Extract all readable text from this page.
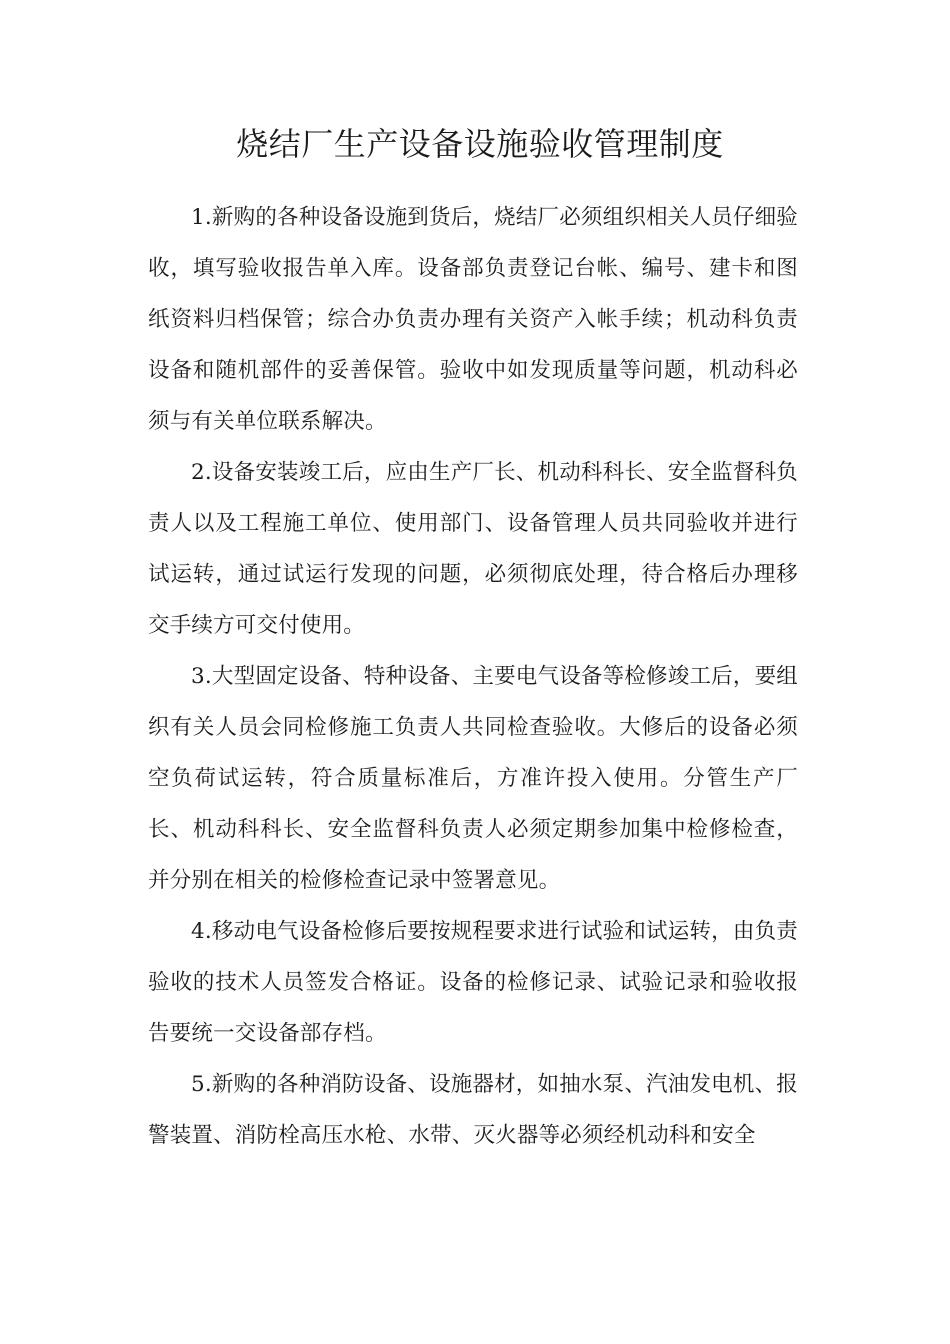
烧结厂生产设备设施验收管理制度

1.新购的各种设备设施到货后，烧结厂必须组织相关人员仔细验收，填写验收报告单入库。设备部负责登记台帐、编号、建卡和图纸资料归档保管；综合办负责办理有关资产入帐手续；机动科负责设备和随机部件的妥善保管。验收中如发现质量等问题，机动科必须与有关单位联系解决。

2.设备安装竣工后，应由生产厂长、机动科科长、安全监督科负责人以及工程施工单位、使用部门、设备管理人员共同验收并进行试运转，通过试运行发现的问题，必须彻底处理，待合格后办理移交手续方可交付使用。

3.大型固定设备、特种设备、主要电气设备等检修竣工后，要组织有关人员会同检修施工负责人共同检查验收。大修后的设备必须空负荷试运转，符合质量标准后，方准许投入使用。分管生产厂长、机动科科长、安全监督科负责人必须定期参加集中检修检查，并分别在相关的检修检查记录中签署意见。

4.移动电气设备检修后要按规程要求进行试验和试运转，由负责验收的技术人员签发合格证。设备的检修记录、试验记录和验收报告要统一交设备部存档。

5.新购的各种消防设备、设施器材，如抽水泵、汽油发电机、报警装置、消防栓高压水枪、水带、灭火器等必须经机动科和安全
